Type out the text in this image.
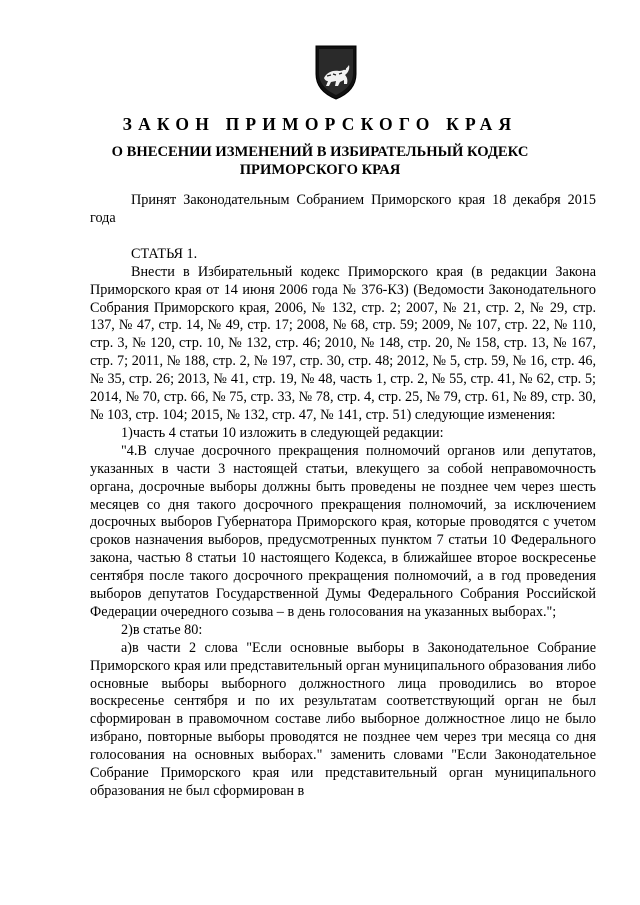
ЗАКОН ПРИМОРСКОГО КРАЯ
О ВНЕСЕНИИ ИЗМЕНЕНИЙ В ИЗБИРАТЕЛЬНЫЙ КОДЕКС
ПРИМОРСКОГО КРАЯ

Принят Законодательным Собранием Приморского края 18 декабря 2015 года

СТАТЬЯ 1.

Внести в Избирательный кодекс Приморского края (в редакции Закона Приморского края от 14 июня 2006 года № 376-КЗ) (Ведомости Законодательного Собрания Приморского края, 2006, № 132, стр. 2; 2007, № 21, стр. 2, № 29, стр. 137, № 47, стр. 14, № 49, стр. 17; 2008, № 68, стр. 59; 2009, № 107, стр. 22, № 110, стр. 3, № 120, стр. 10, № 132, стр. 46; 2010, № 148, стр. 20, № 158, стр. 13, № 167, стр. 7; 2011, № 188, стр. 2, № 197, стр. 30, стр. 48; 2012, № 5, стр. 59, № 16, стр. 46, № 35, стр. 26; 2013, № 41, стр. 19, № 48, часть 1, стр. 2, № 55, стр. 41, № 62, стр. 5; 2014, № 70, стр. 66, № 75, стр. 33, № 78, стр. 4, стр. 25, № 79, стр. 61, № 89, стр. 30, № 103, стр. 104; 2015, № 132, стр. 47, № 141, стр. 51) следующие изменения:

1)часть 4 статьи 10 изложить в следующей редакции:

"4.В случае досрочного прекращения полномочий органов или депутатов, указанных в части 3 настоящей статьи, влекущего за собой неправомочность органа, досрочные выборы должны быть проведены не позднее чем через шесть месяцев со дня такого досрочного прекращения полномочий, за исключением досрочных выборов Губернатора Приморского края, которые проводятся с учетом сроков назначения выборов, предусмотренных пунктом 7 статьи 10 Федерального закона, частью 8 статьи 10 настоящего Кодекса, в ближайшее второе воскресенье сентября после такого досрочного прекращения полномочий, а в год проведения выборов депутатов Государственной Думы Федерального Собрания Российской Федерации очередного созыва – в день голосования на указанных выборах.";

2)в статье 80:

а)в части 2 слова "Если основные выборы в Законодательное Собрание Приморского края или представительный орган муниципального образования либо основные выборы выборного должностного лица проводились во второе воскресенье сентября и по их результатам соответствующий орган не был сформирован в правомочном составе либо выборное должностное лицо не было избрано, повторные выборы проводятся не позднее чем через три месяца со дня голосования на основных выборах." заменить словами "Если Законодательное Собрание Приморского края или представительный орган муниципального образования не был сформирован в
